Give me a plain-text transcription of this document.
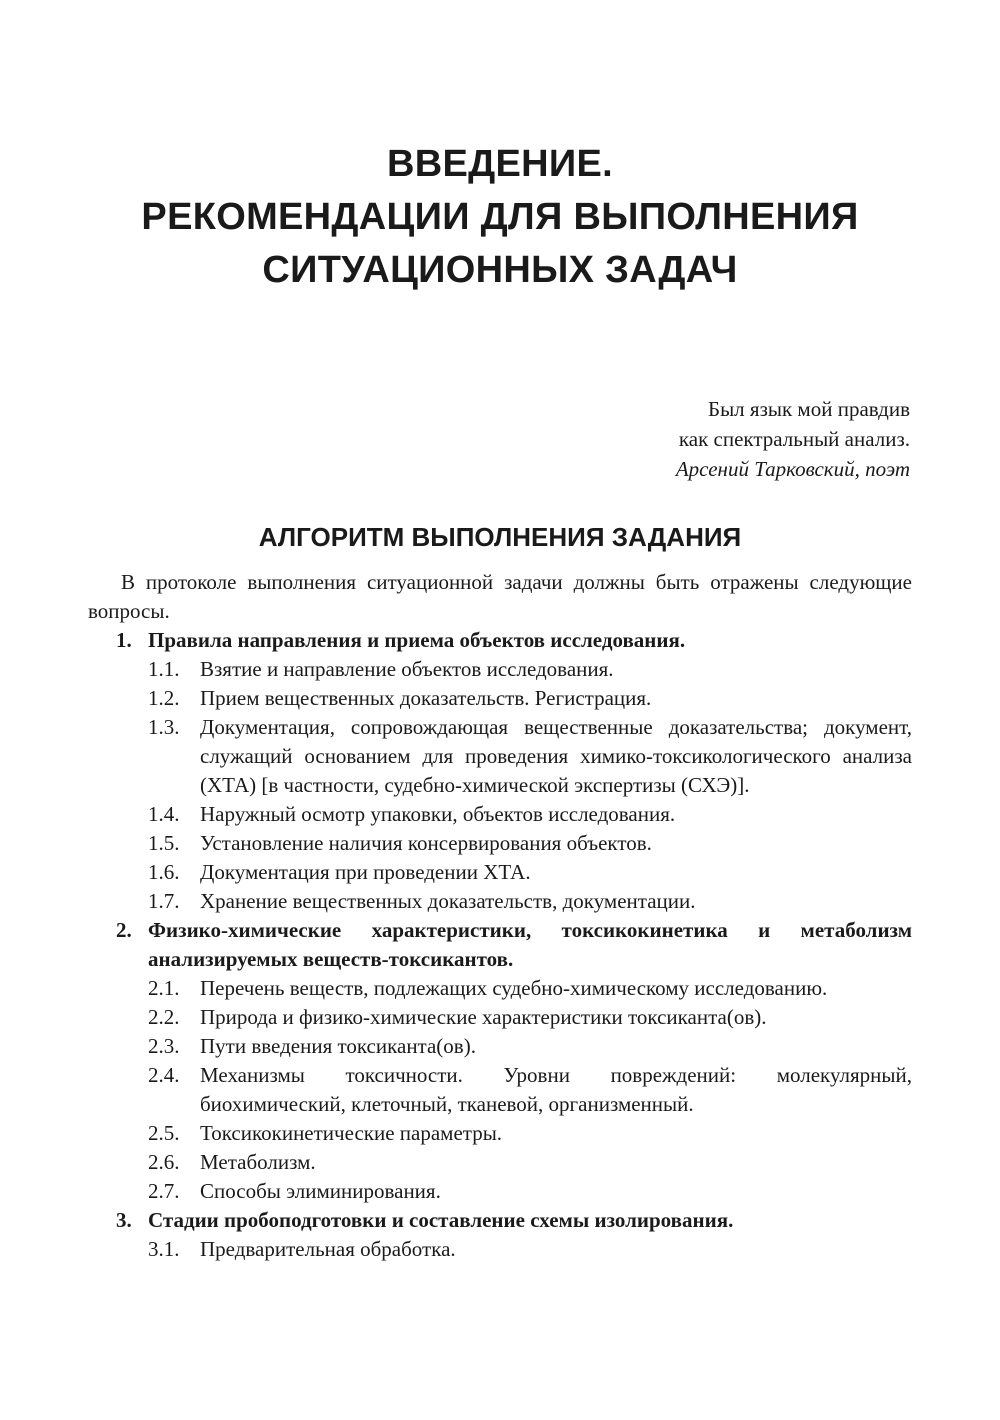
ВВЕДЕНИЕ.
РЕКОМЕНДАЦИИ ДЛЯ ВЫПОЛНЕНИЯ
СИТУАЦИОННЫХ ЗАДАЧ
Был язык мой правдив
как спектральный анализ.
Арсений Тарковский, поэт
АЛГОРИТМ ВЫПОЛНЕНИЯ ЗАДАНИЯ

В протоколе выполнения ситуационной задачи должны быть отражены следующие вопросы.

1. Правила направления и приема объектов исследования.
1.1. Взятие и направление объектов исследования.
1.2. Прием вещественных доказательств. Регистрация.
1.3. Документация, сопровождающая вещественные доказательства; документ, служащий основанием для проведения химико-токсикологического анализа (ХТА) [в частности, судебно-химической экспертизы (СХЭ)].
1.4. Наружный осмотр упаковки, объектов исследования.
1.5. Установление наличия консервирования объектов.
1.6. Документация при проведении ХТА.
1.7. Хранение вещественных доказательств, документации.
2. Физико-химические характеристики, токсикокинетика и метаболизм анализируемых веществ-токсикантов.
2.1. Перечень веществ, подлежащих судебно-химическому исследованию.
2.2. Природа и физико-химические характеристики токсиканта(ов).
2.3. Пути введения токсиканта(ов).
2.4. Механизмы токсичности. Уровни повреждений: молекулярный, биохимический, клеточный, тканевой, организменный.
2.5. Токсикокинетические параметры.
2.6. Метаболизм.
2.7. Способы элиминирования.
3. Стадии пробоподготовки и составление схемы изолирования.
3.1. Предварительная обработка.
